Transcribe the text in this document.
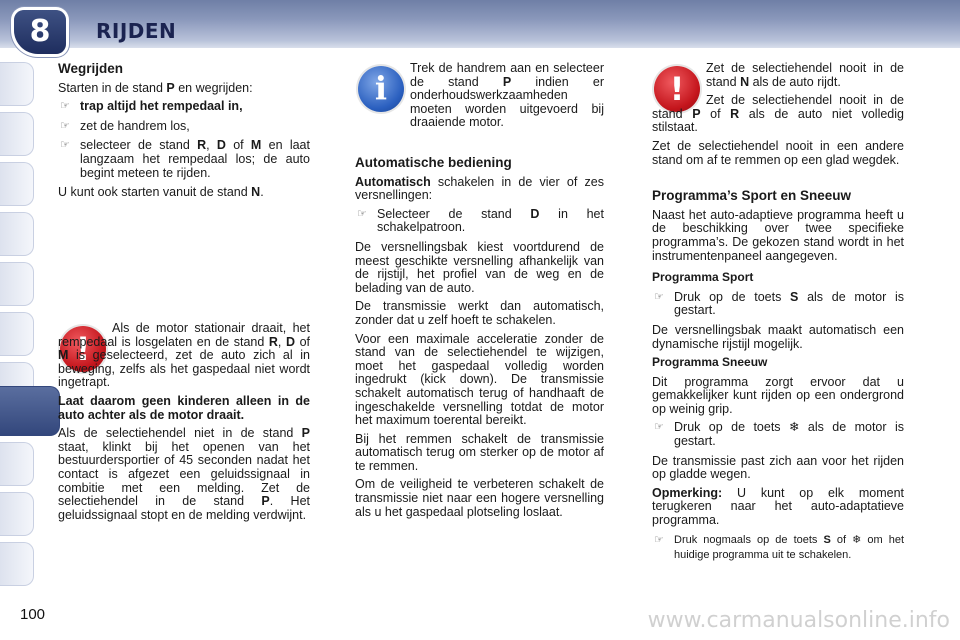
8	RIJDEN
Wegrijden

Starten in de stand P en wegrijden:

☞ trap altijd het rempedaal in,
☞ zet de handrem los,
☞ selecteer de stand R, D of M en laat langzaam het rempedaal los; de auto begint meteen te rijden.

U kunt ook starten vanuit de stand N.

!

Als de motor stationair draait, het rempedaal is losgelaten en de stand R, D of M is geselecteerd, zet de auto zich al in beweging, zelfs als het gaspedaal niet wordt ingetrapt.

Laat daarom geen kinderen alleen in de auto achter als de motor draait.

Als de selectiehendel niet in de stand P staat, klinkt bij het openen van het bestuurdersportier of 45 seconden nadat het contact is afgezet een geluidssignaal in combitie met een melding. Zet de selectiehendel in de stand P. Het geluidssignaal stopt en de melding verdwijnt.

i

Trek de handrem aan en selecteer de stand P indien er onderhoudswerkzaamheden moeten worden uitgevoerd bij draaiende motor.

Automatische bediening

Automatisch schakelen in de vier of zes versnellingen:

☞ Selecteer de stand D in het schakelpatroon.

De versnellingsbak kiest voortdurend de meest geschikte versnelling afhankelijk van de rijstijl, het profiel van de weg en de belading van de auto.

De transmissie werkt dan automatisch, zonder dat u zelf hoeft te schakelen.

Voor een maximale acceleratie zonder de stand van de selectiehendel te wijzigen, moet het gaspedaal volledig worden ingedrukt (kick down). De transmissie schakelt automatisch terug of handhaaft de ingeschakelde versnelling totdat de motor het maximum toerental bereikt.

Bij het remmen schakelt de transmissie automatisch terug om sterker op de motor af te remmen.

Om de veiligheid te verbeteren schakelt de transmissie niet naar een hogere versnelling als u het gaspedaal plotseling loslaat.

!

Zet de selectiehendel nooit in de stand N als de auto rijdt.

Zet de selectiehendel nooit in de stand P of R als de auto niet volledig stilstaat.

Zet de selectiehendel nooit in een andere stand om af te remmen op een glad wegdek.

Programma’s Sport en Sneeuw

Naast het auto-adaptieve programma heeft u de beschikking over twee specifieke programma’s. De gekozen stand wordt in het instrumentenpaneel aangegeven.

Programma Sport
☞ Druk op de toets S als de motor is gestart.

De versnellingsbak maakt automatisch een dynamische rijstijl mogelijk.

Programma Sneeuw

Dit programma zorgt ervoor dat u gemakkelijker kunt rijden op een ondergrond op weinig grip.

☞ Druk op de toets ❄ als de motor is gestart.

De transmissie past zich aan voor het rijden op gladde wegen.

Opmerking: U kunt op elk moment terugkeren naar het auto-adaptatieve programma.

☞ Druk nogmaals op de toets S of ❄ om het huidige programma uit te schakelen.
100	www.carmanualsonline.info
